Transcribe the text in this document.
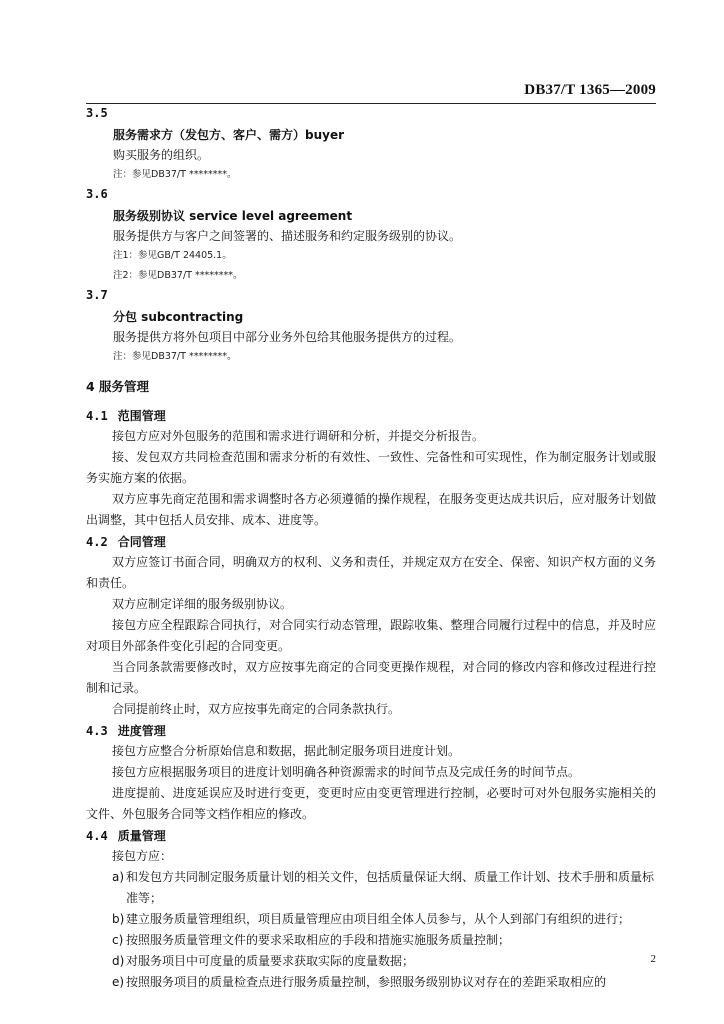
DB37/T 1365—2009
3.5
服务需求方（发包方、客户、需方）buyer
购买服务的组织。
注：参见DB37/T ********。
3.6
服务级别协议 service level agreement
服务提供方与客户之间签署的、描述服务和约定服务级别的协议。
注1：参见GB/T 24405.1。
注2：参见DB37/T ********。
3.7
分包 subcontracting
服务提供方将外包项目中部分业务外包给其他服务提供方的过程。
注：参见DB37/T ********。
4 服务管理
4.1 范围管理
接包方应对外包服务的范围和需求进行调研和分析，并提交分析报告。
接、发包双方共同检查范围和需求分析的有效性、一致性、完备性和可实现性，作为制定服务计划或服务实施方案的依据。
双方应事先商定范围和需求调整时各方必须遵循的操作规程，在服务变更达成共识后，应对服务计划做出调整，其中包括人员安排、成本、进度等。
4.2 合同管理
双方应签订书面合同，明确双方的权利、义务和责任，并规定双方在安全、保密、知识产权方面的义务和责任。
双方应制定详细的服务级别协议。
接包方应全程跟踪合同执行，对合同实行动态管理，跟踪收集、整理合同履行过程中的信息，并及时应对项目外部条件变化引起的合同变更。
当合同条款需要修改时，双方应按事先商定的合同变更操作规程，对合同的修改内容和修改过程进行控制和记录。
合同提前终止时，双方应按事先商定的合同条款执行。
4.3 进度管理
接包方应整合分析原始信息和数据，据此制定服务项目进度计划。
接包方应根据服务项目的进度计划明确各种资源需求的时间节点及完成任务的时间节点。
进度提前、进度延误应及时进行变更，变更时应由变更管理进行控制，必要时可对外包服务实施相关的文件、外包服务合同等文档作相应的修改。
4.4 质量管理
接包方应：
a) 和发包方共同制定服务质量计划的相关文件，包括质量保证大纲、质量工作计划、技术手册和质量标准等；
b) 建立服务质量管理组织，项目质量管理应由项目组全体人员参与，从个人到部门有组织的进行；
c) 按照服务质量管理文件的要求采取相应的手段和措施实施服务质量控制；
d) 对服务项目中可度量的质量要求获取实际的度量数据；
e) 按照服务项目的质量检查点进行服务质量控制，参照服务级别协议对存在的差距采取相应的
2
